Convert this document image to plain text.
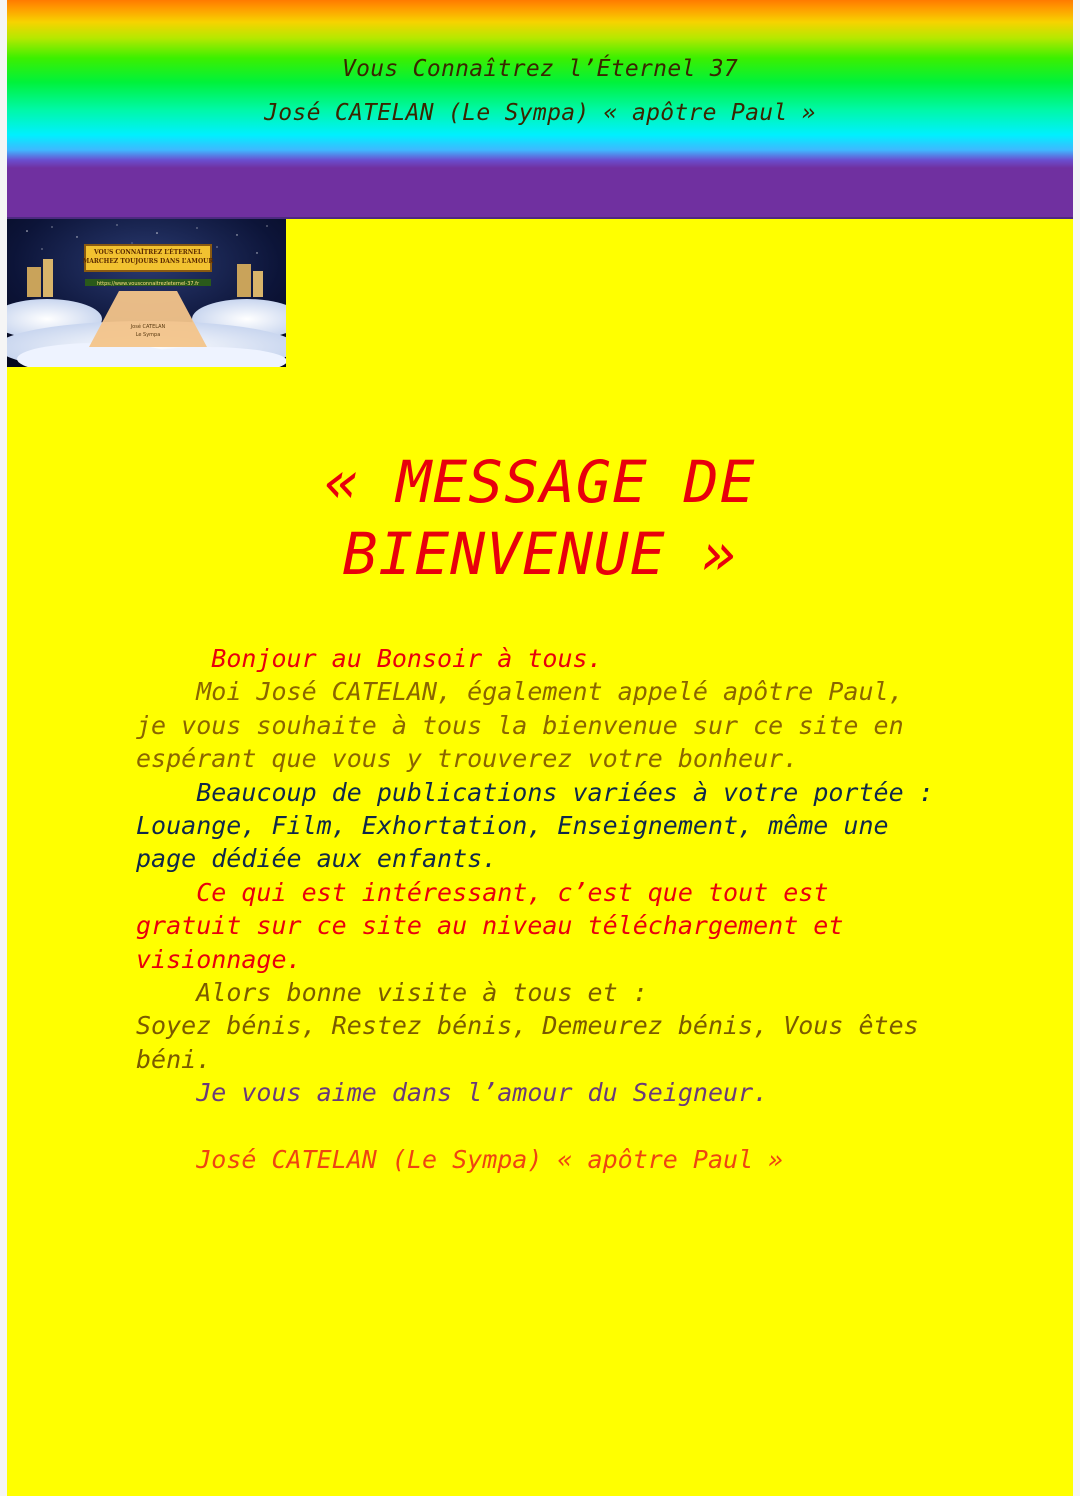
Vous Connaîtrez l’Éternel 37
José CATELAN (Le Sympa) « apôtre Paul »
VOUS CONNAÎTREZ L’ÉTERNEL
MARCHEZ TOUJOURS DANS L’AMOUR
https://www.vousconnaitrezleternel-37.fr
José CATELAN
Le Sympa
« MESSAGE DE
BIENVENUE »

Bonjour au Bonsoir à tous.

Moi José CATELAN, également appelé apôtre Paul, je vous souhaite à tous la bienvenue sur ce site en espérant que vous y trouverez votre bonheur.

Beaucoup de publications variées à votre portée :

Louange, Film, Exhortation, Enseignement, même une page dédiée aux enfants.

Ce qui est intéressant, c’est que tout est gratuit sur ce site au niveau téléchargement et visionnage.

Alors bonne visite à tous et :

Soyez bénis, Restez bénis, Demeurez bénis, Vous êtes béni.

Je vous aime dans l’amour du Seigneur.

José CATELAN (Le Sympa) « apôtre Paul »
